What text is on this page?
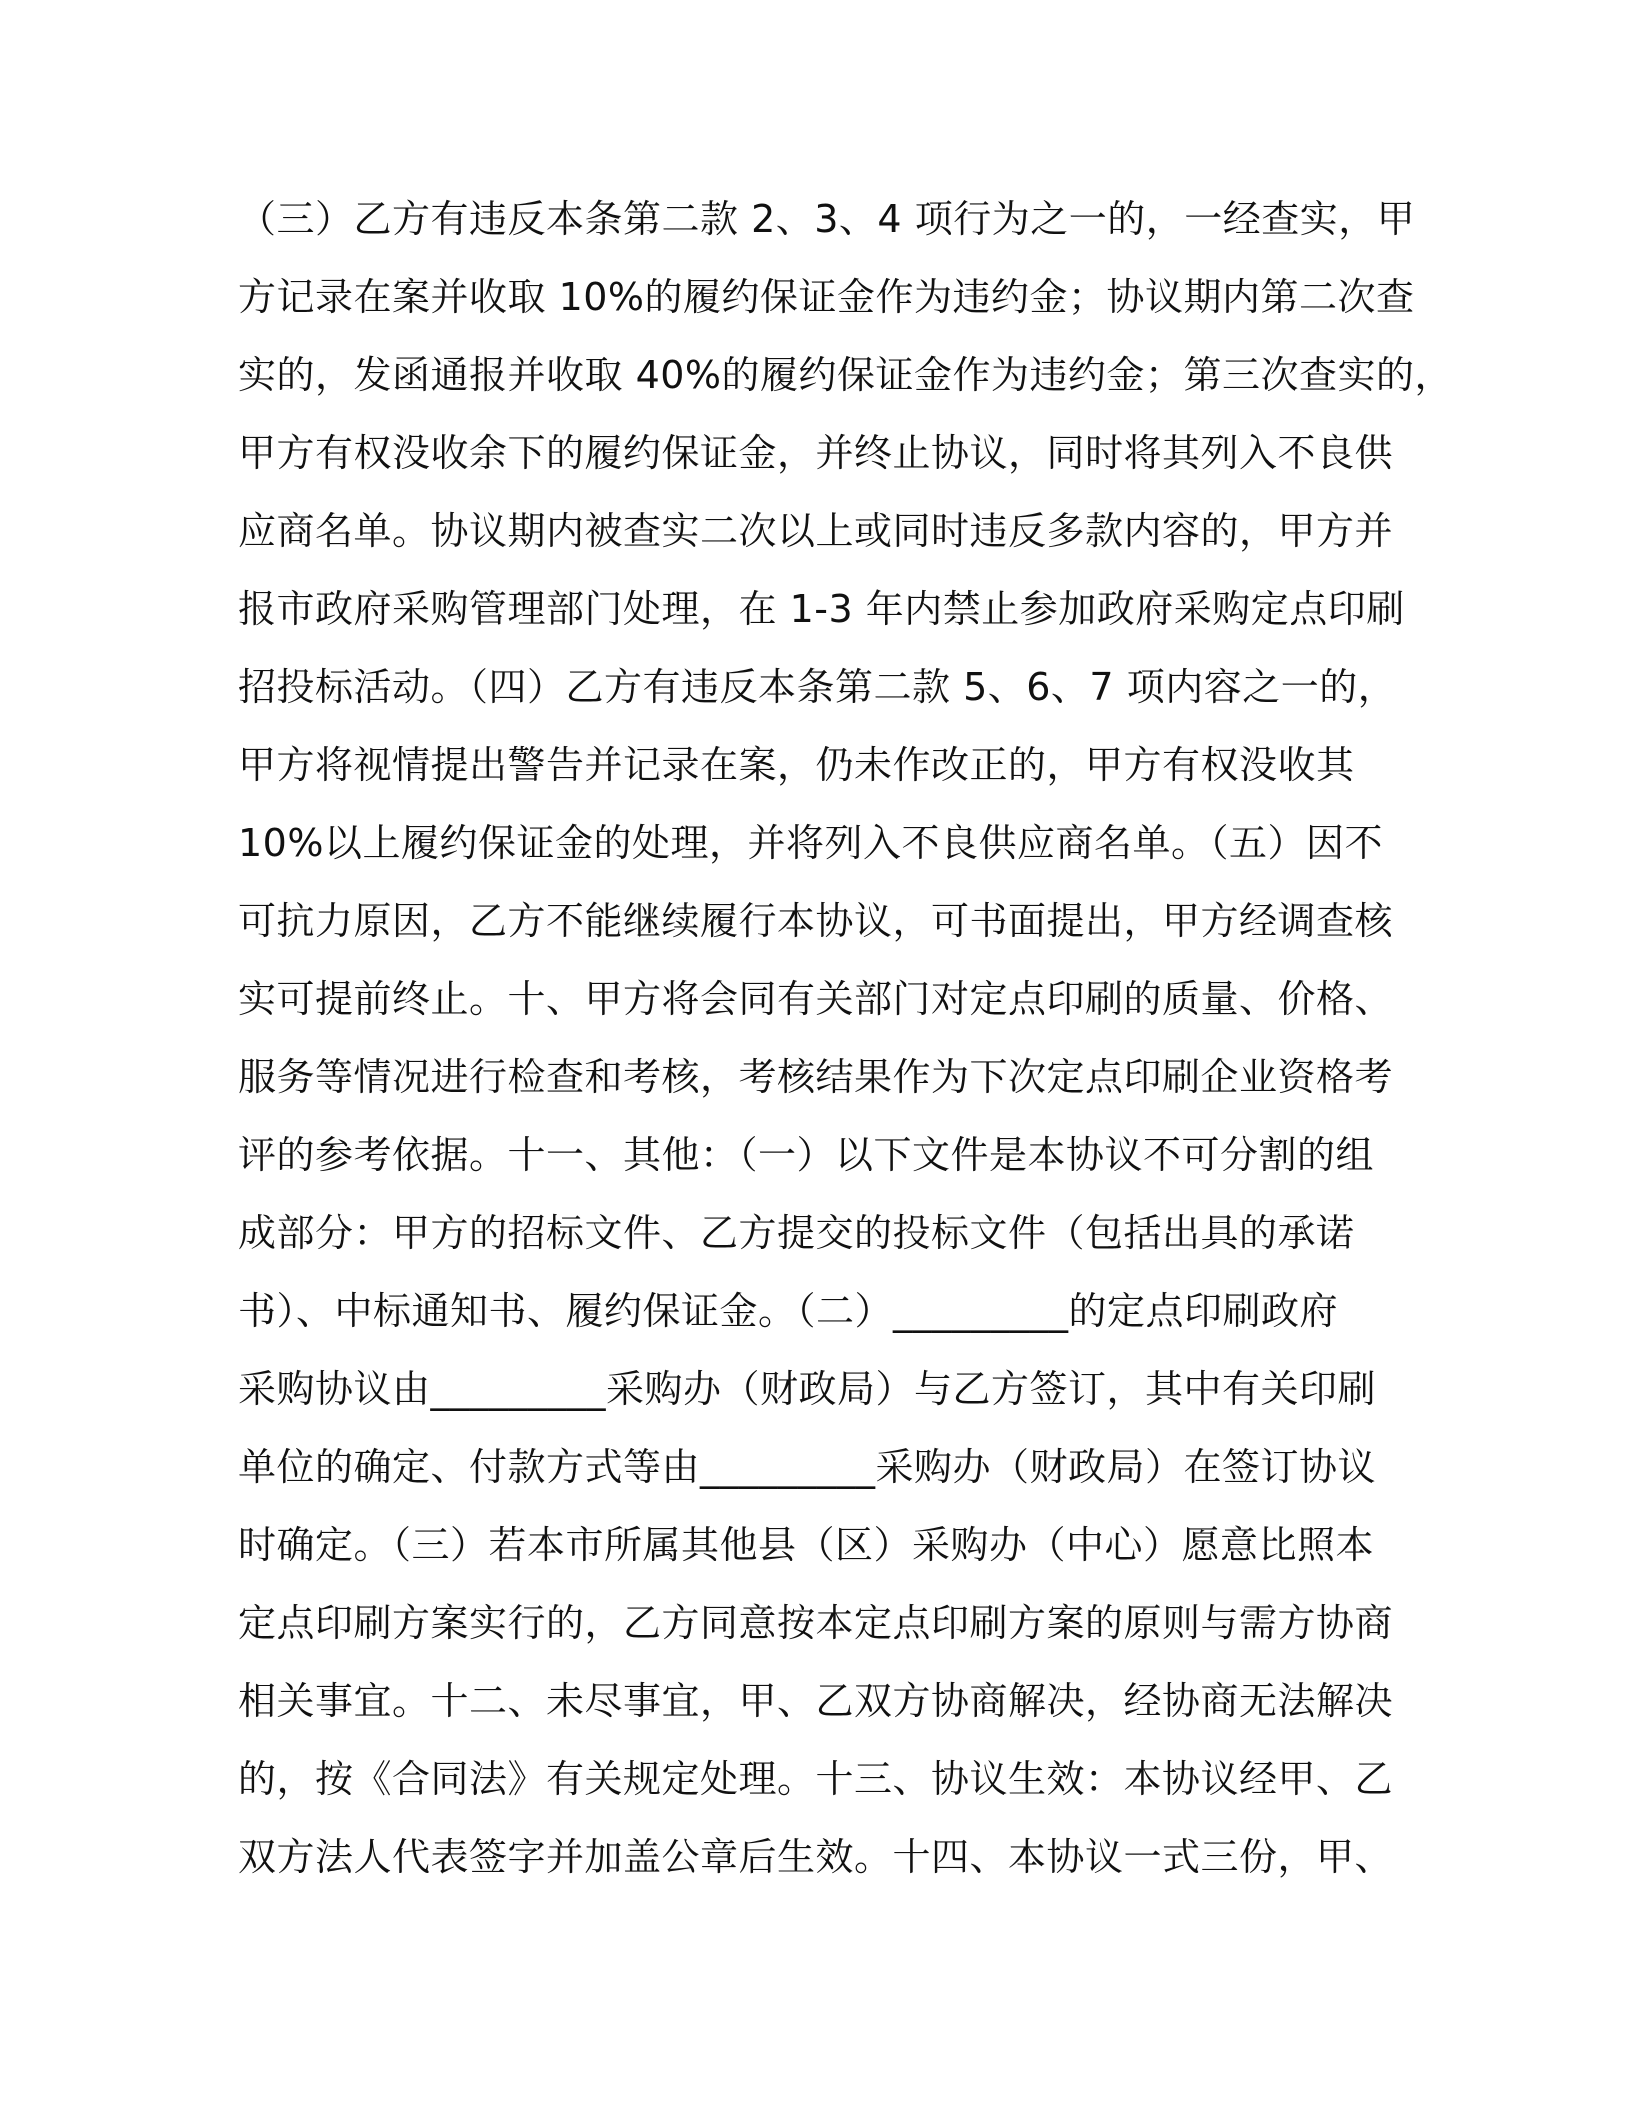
（三）乙方有违反本条第二款 2、3、4 项行为之一的，一经查实，甲
方记录在案并收取 10%的履约保证金作为违约金；协议期内第二次查
实的，发函通报并收取 40%的履约保证金作为违约金；第三次查实的，
甲方有权没收余下的履约保证金，并终止协议，同时将其列入不良供
应商名单。协议期内被查实二次以上或同时违反多款内容的，甲方并
报市政府采购管理部门处理，在 1-3 年内禁止参加政府采购定点印刷
招投标活动。（四）乙方有违反本条第二款 5、6、7 项内容之一的，
甲方将视情提出警告并记录在案，仍未作改正的，甲方有权没收其
10%以上履约保证金的处理，并将列入不良供应商名单。（五）因不
可抗力原因，乙方不能继续履行本协议，可书面提出，甲方经调查核
实可提前终止。十、甲方将会同有关部门对定点印刷的质量、价格、
服务等情况进行检查和考核，考核结果作为下次定点印刷企业资格考
评的参考依据。十一、其他：（一）以下文件是本协议不可分割的组
成部分：甲方的招标文件、乙方提交的投标文件（包括出具的承诺
书）、中标通知书、履约保证金。（二）_________的定点印刷政府
采购协议由_________采购办（财政局）与乙方签订，其中有关印刷
单位的确定、付款方式等由_________采购办（财政局）在签订协议
时确定。（三）若本市所属其他县（区）采购办（中心）愿意比照本
定点印刷方案实行的，乙方同意按本定点印刷方案的原则与需方协商
相关事宜。十二、未尽事宜，甲、乙双方协商解决，经协商无法解决
的，按《合同法》有关规定处理。十三、协议生效：本协议经甲、乙
双方法人代表签字并加盖公章后生效。十四、本协议一式三份，甲、
